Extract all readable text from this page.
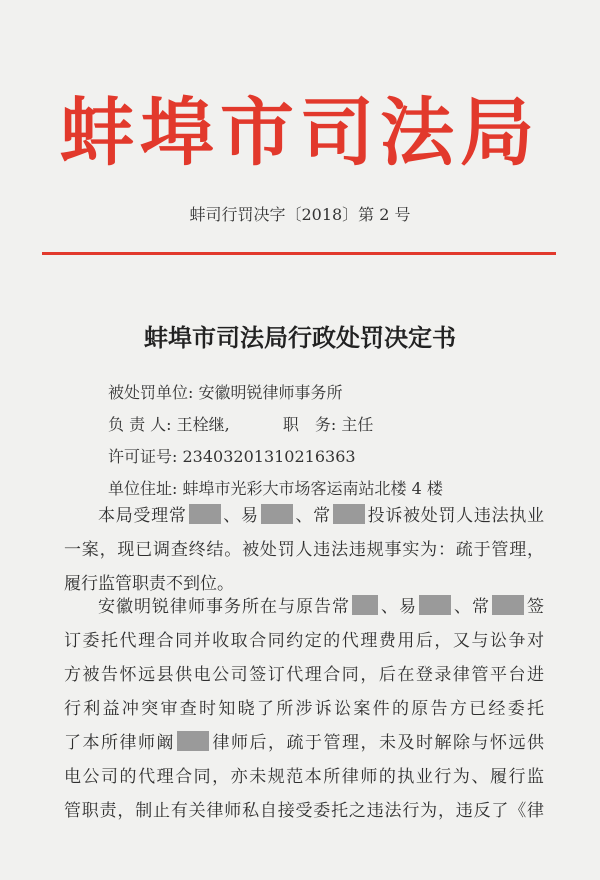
蚌埠市司法局
蚌司行罚决字〔2018〕第 2 号
蚌埠市司法局行政处罚决定书
被处罚单位: 安徽明锐律师事务所
负 责 人: 王栓继,	职　务: 主任
许可证号: 23403201310216363
单位住址: 蚌埠市光彩大市场客运南站北楼 4 楼
本局受理常 、易 、常 投诉被处罚人违法执业
一案，现已调查终结。被处罚人违法违规事实为：疏于管理，
履行监管职责不到位。
安徽明锐律师事务所在与原告常 、易 、常 签
订委托代理合同并收取合同约定的代理费用后，又与讼争对
方被告怀远县供电公司签订代理合同，后在登录律管平台进
行利益冲突审查时知晓了所涉诉讼案件的原告方已经委托
了本所律师阚 律师后，疏于管理，未及时解除与怀远供
电公司的代理合同，亦未规范本所律师的执业行为、履行监
管职责，制止有关律师私自接受委托之违法行为，违反了《律
